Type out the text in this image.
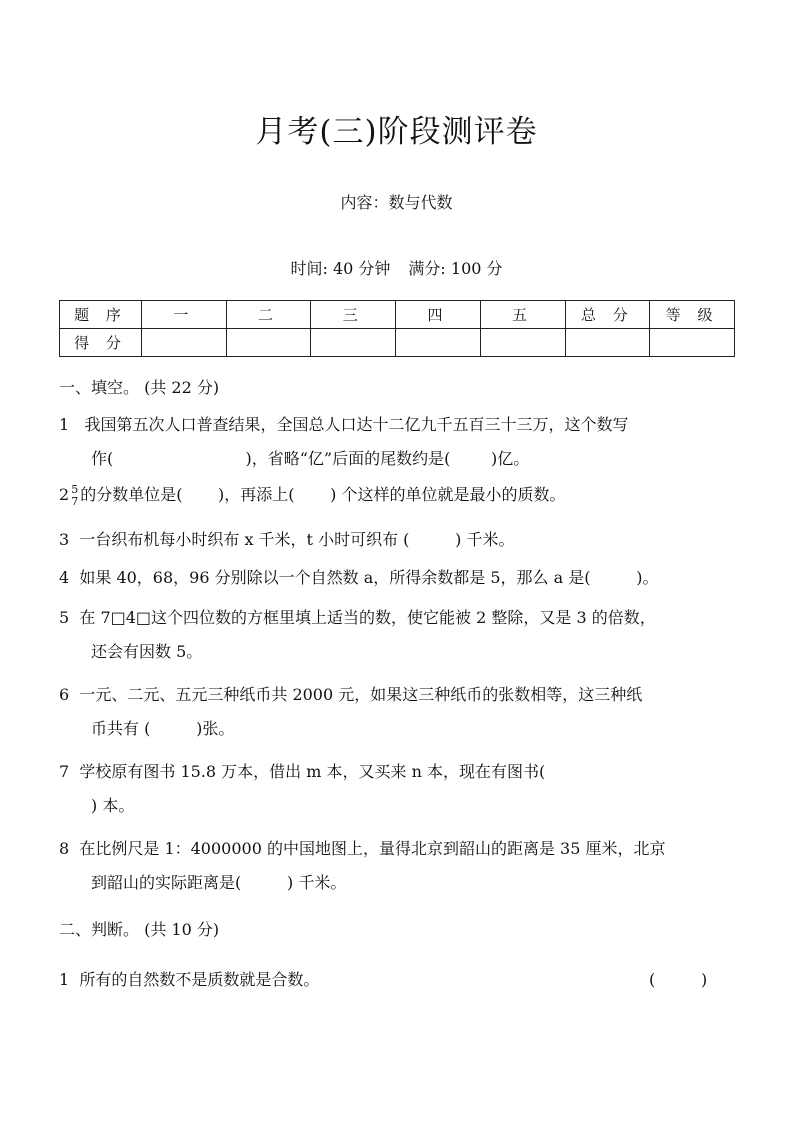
月考(三)阶段测评卷
内容：数与代数
时间: 40 分钟 满分: 100 分
题 序	一	二	三	四	五	总 分	等 级
得 分							
一、填空。 (共 22 分)
1   我国第五次人口普查结果，全国总人口达十二亿九千五百三十三万，这个数写
作(                          )，省略“亿”后面的尾数约是(        )亿。
2 5
7 的分数单位是(       )，再添上(       ) 个这样的单位就是最小的质数。
3  一台织布机每小时织布 x 千米，t 小时可织布 (         ) 千米。
4  如果 40，68，96 分别除以一个自然数 a，所得余数都是 5，那么 a 是(         )。
5  在 7□4□这个四位数的方框里填上适当的数，使它能被 2 整除，又是 3 的倍数，
还会有因数 5。
6  一元、二元、五元三种纸币共 2000 元，如果这三种纸币的张数相等，这三种纸
币共有 (         )张。
7  学校原有图书 15.8 万本，借出 m 本，又买来 n 本，现在有图书(
) 本。
8  在比例尺是 1：4000000 的中国地图上，量得北京到韶山的距离是 35 厘米，北京
到韶山的实际距离是(         ) 千米。
二、判断。 (共 10 分)
1  所有的自然数不是质数就是合数。	(         )
